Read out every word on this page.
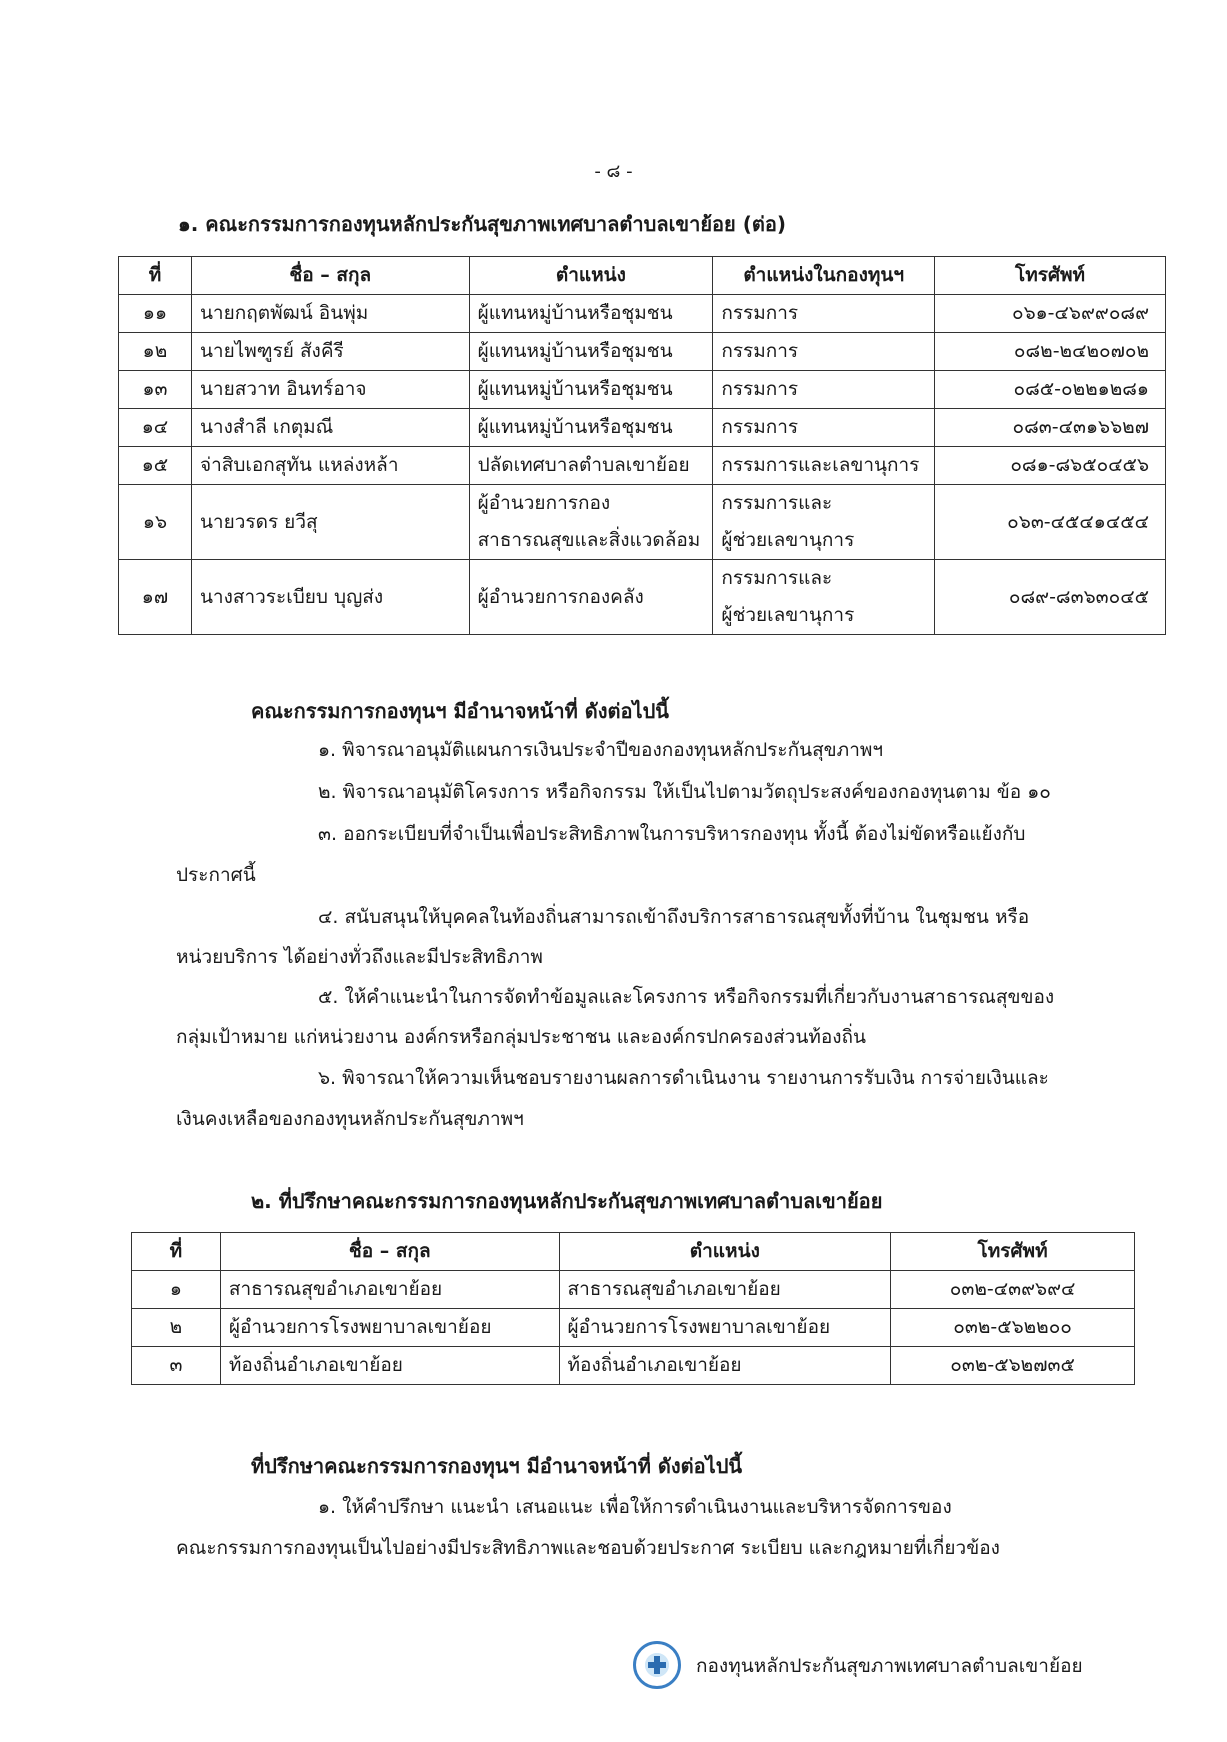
- ๘ -
๑. คณะกรรมการกองทุนหลักประกันสุขภาพเทศบาลตำบลเขาย้อย (ต่อ)
ที่	ชื่อ – สกุล	ตำแหน่ง	ตำแหน่งในกองทุนฯ	โทรศัพท์
๑๑	นายกฤตพัฒน์ อินพุ่ม	ผู้แทนหมู่บ้านหรือชุมชน	กรรมการ	๐๖๑-๔๖๙๙๐๘๙
๑๒	นายไพฑูรย์ สังคีรี	ผู้แทนหมู่บ้านหรือชุมชน	กรรมการ	๐๘๒-๒๔๒๐๗๐๒
๑๓	นายสวาท อินทร์อาจ	ผู้แทนหมู่บ้านหรือชุมชน	กรรมการ	๐๘๕-๐๒๒๑๒๘๑
๑๔	นางสำลี เกตุมณี	ผู้แทนหมู่บ้านหรือชุมชน	กรรมการ	๐๘๓-๔๓๑๖๖๒๗
๑๕	จ่าสิบเอกสุทัน แหล่งหล้า	ปลัดเทศบาลตำบลเขาย้อย	กรรมการและเลขานุการ	๐๘๑-๘๖๕๐๔๕๖
๑๖	นายวรดร ยวีสุ	ผู้อำนวยการกอง
สาธารณสุขและสิ่งแวดล้อม	กรรมการและ
ผู้ช่วยเลขานุการ	๐๖๓-๔๕๔๑๔๕๔
๑๗	นางสาวระเบียบ บุญส่ง	ผู้อำนวยการกองคลัง	กรรมการและ
ผู้ช่วยเลขานุการ	๐๘๙-๘๓๖๓๐๔๕
คณะกรรมการกองทุนฯ มีอำนาจหน้าที่ ดังต่อไปนี้
๑. พิจารณาอนุมัติแผนการเงินประจำปีของกองทุนหลักประกันสุขภาพฯ
๒. พิจารณาอนุมัติโครงการ หรือกิจกรรม ให้เป็นไปตามวัตถุประสงค์ของกองทุนตาม ข้อ ๑๐
๓. ออกระเบียบที่จำเป็นเพื่อประสิทธิภาพในการบริหารกองทุน ทั้งนี้ ต้องไม่ขัดหรือแย้งกับ
ประกาศนี้
๔. สนับสนุนให้บุคคลในท้องถิ่นสามารถเข้าถึงบริการสาธารณสุขทั้งที่บ้าน ในชุมชน หรือ
หน่วยบริการ ได้อย่างทั่วถึงและมีประสิทธิภาพ
๕. ให้คำแนะนำในการจัดทำข้อมูลและโครงการ หรือกิจกรรมที่เกี่ยวกับงานสาธารณสุขของ
กลุ่มเป้าหมาย แก่หน่วยงาน องค์กรหรือกลุ่มประชาชน และองค์กรปกครองส่วนท้องถิ่น
๖. พิจารณาให้ความเห็นชอบรายงานผลการดำเนินงาน รายงานการรับเงิน การจ่ายเงินและ
เงินคงเหลือของกองทุนหลักประกันสุขภาพฯ
๒. ที่ปรึกษาคณะกรรมการกองทุนหลักประกันสุขภาพเทศบาลตำบลเขาย้อย
ที่	ชื่อ – สกุล	ตำแหน่ง	โทรศัพท์
๑	สาธารณสุขอำเภอเขาย้อย	สาธารณสุขอำเภอเขาย้อย	๐๓๒-๔๓๙๖๙๔
๒	ผู้อำนวยการโรงพยาบาลเขาย้อย	ผู้อำนวยการโรงพยาบาลเขาย้อย	๐๓๒-๕๖๒๒๐๐
๓	ท้องถิ่นอำเภอเขาย้อย	ท้องถิ่นอำเภอเขาย้อย	๐๓๒-๕๖๒๗๓๕
ที่ปรึกษาคณะกรรมการกองทุนฯ มีอำนาจหน้าที่ ดังต่อไปนี้
๑. ให้คำปรึกษา แนะนำ เสนอแนะ เพื่อให้การดำเนินงานและบริหารจัดการของ
คณะกรรมการกองทุนเป็นไปอย่างมีประสิทธิภาพและชอบด้วยประกาศ ระเบียบ และกฎหมายที่เกี่ยวข้อง
กองทุนหลักประกันสุขภาพเทศบาลตำบลเขาย้อย
